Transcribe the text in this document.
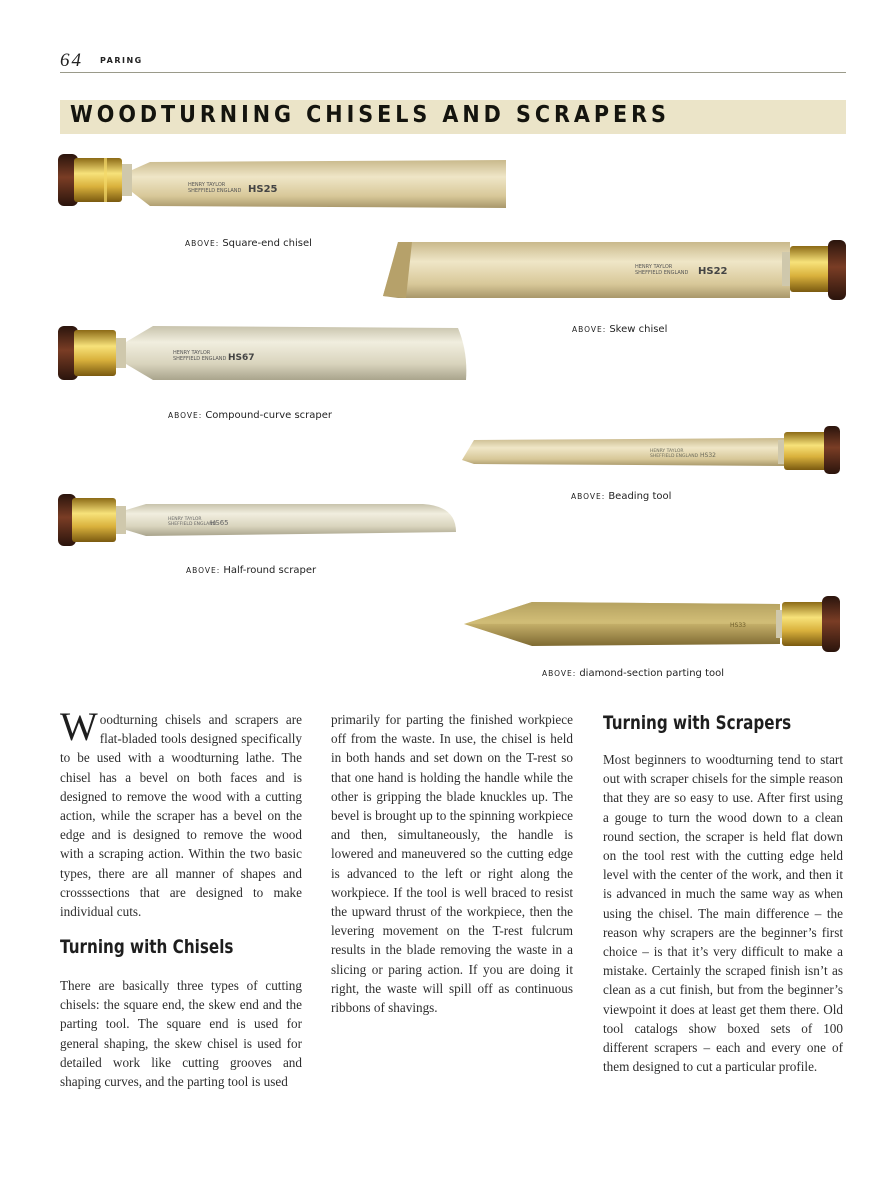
64 PARING
WOODTURNING CHISELS AND SCRAPERS
HENRY TAYLOR
SHEFFIELD ENGLAND HS25
ABOVE: Square-end chisel
HENRY TAYLOR
SHEFFIELD ENGLAND HS22
ABOVE: Skew chisel
HENRY TAYLOR
SHEFFIELD ENGLAND HS67
ABOVE: Compound-curve scraper
HENRY TAYLOR
SHEFFIELD ENGLAND HS32
ABOVE: Beading tool
HENRY TAYLOR
SHEFFIELD ENGLAND
HS65
ABOVE: Half-round scraper
HS33
ABOVE: diamond-section parting tool

Woodturning chisels and scrapers are flat-bladed tools designed specifically to be used with a woodturning lathe. The chisel has a bevel on both faces and is designed to remove the wood with a cutting action, while the scraper has a bevel on the edge and is designed to remove the wood with a scraping action. Within the two basic types, there are all manner of shapes and crosssections that are designed to make individual cuts.

Turning with Chisels

There are basically three types of cutting chisels: the square end, the skew end and the parting tool. The square end is used for general shaping, the skew chisel is used for detailed work like cutting grooves and shaping curves, and the parting tool is used

primarily for parting the finished workpiece off from the waste. In use, the chisel is held in both hands and set down on the T-rest so that one hand is holding the handle while the other is gripping the blade knuckles up. The bevel is brought up to the spinning workpiece and then, simultaneously, the handle is lowered and maneuvered so the cutting edge is advanced to the left or right along the workpiece. If the tool is well braced to resist the upward thrust of the workpiece, then the levering movement on the T-rest fulcrum results in the blade removing the waste in a slicing or paring action. If you are doing it right, the waste will spill off as continuous ribbons of shavings.

Turning with Scrapers

Most beginners to woodturning tend to start out with scraper chisels for the simple reason that they are so easy to use. After first using a gouge to turn the wood down to a clean round section, the scraper is held flat down on the tool rest with the cutting edge held level with the center of the work, and then it is advanced in much the same way as when using the chisel. The main difference – the reason why scrapers are the beginner’s first choice – is that it’s very difficult to make a mistake. Certainly the scraped finish isn’t as clean as a cut finish, but from the beginner’s viewpoint it does at least get them there. Old tool catalogs show boxed sets of 100 different scrapers – each and every one of them designed to cut a particular profile.
